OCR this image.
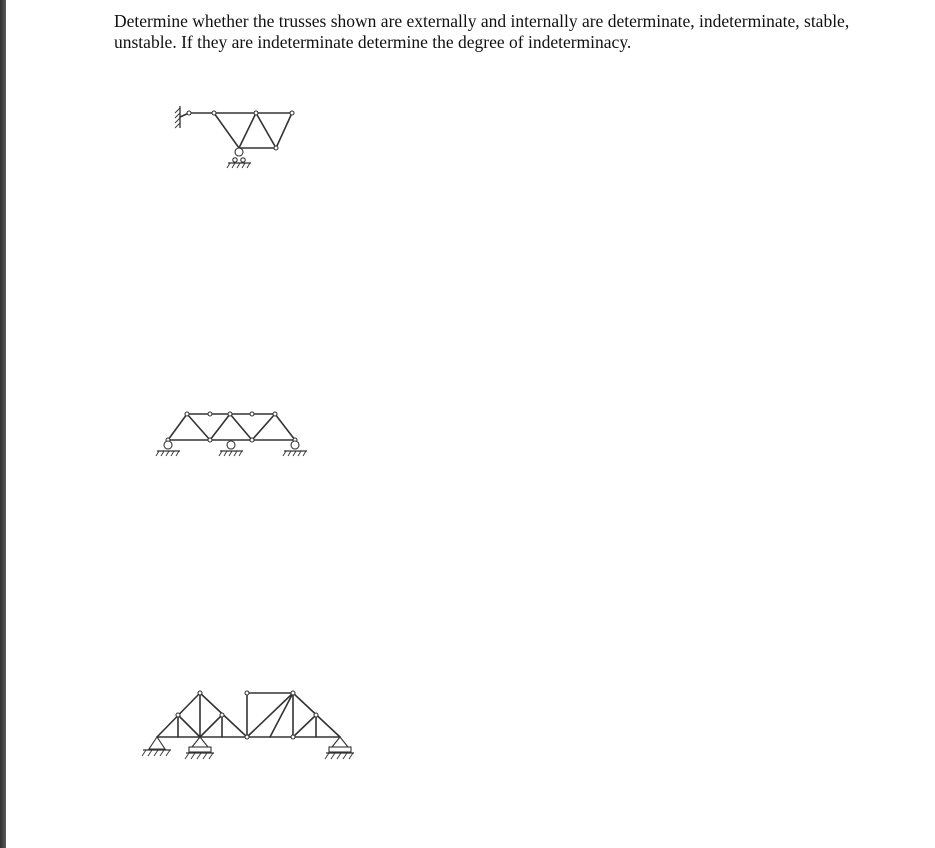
Determine whether the trusses shown are externally and internally are determinate, indeterminate, stable, unstable. If they are indeterminate determine the degree of indeterminacy.
